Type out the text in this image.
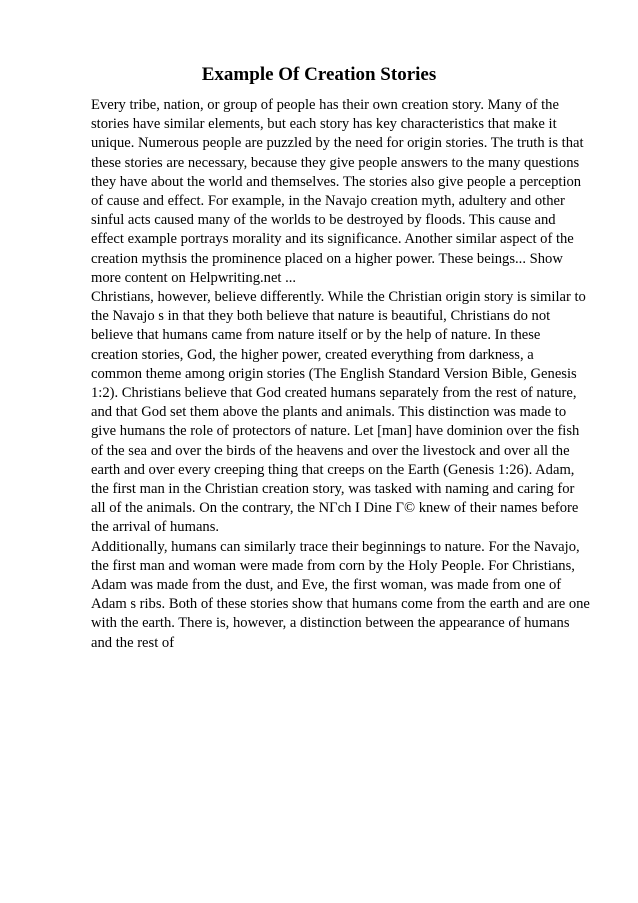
Example Of Creation Stories

Every tribe, nation, or group of people has their own creation story. Many of the
stories have similar elements, but each story has key characteristics that make it
unique. Numerous people are puzzled by the need for origin stories. The truth is that
these stories are necessary, because they give people answers to the many questions
they have about the world and themselves. The stories also give people a perception
of cause and effect. For example, in the Navajo creation myth, adultery and other
sinful acts caused many of the worlds to be destroyed by floods. This cause and
effect example portrays morality and its significance. Another similar aspect of the
creation mythsis the prominence placed on a higher power. These beings... Show
more content on Helpwriting.net ...

Christians, however, believe differently. While the Christian origin story is similar to
the Navajo s in that they both believe that nature is beautiful, Christians do not
believe that humans came from nature itself or by the help of nature. In these
creation stories, God, the higher power, created everything from darkness, a
common theme among origin stories (The English Standard Version Bible, Genesis
1:2). Christians believe that God created humans separately from the rest of nature,
and that God set them above the plants and animals. This distinction was made to
give humans the role of protectors of nature. Let [man] have dominion over the fish
of the sea and over the birds of the heavens and over the livestock and over all the
earth and over every creeping thing that creeps on the Earth (Genesis 1:26). Adam,
the first man in the Christian creation story, was tasked with naming and caring for
all of the animals. On the contrary, the NГch I Dine Г© knew of their names before
the arrival of humans.

Additionally, humans can similarly trace their beginnings to nature. For the Navajo,
the first man and woman were made from corn by the Holy People. For Christians,
Adam was made from the dust, and Eve, the first woman, was made from one of
Adam s ribs. Both of these stories show that humans come from the earth and are one
with the earth. There is, however, a distinction between the appearance of humans
and the rest of
